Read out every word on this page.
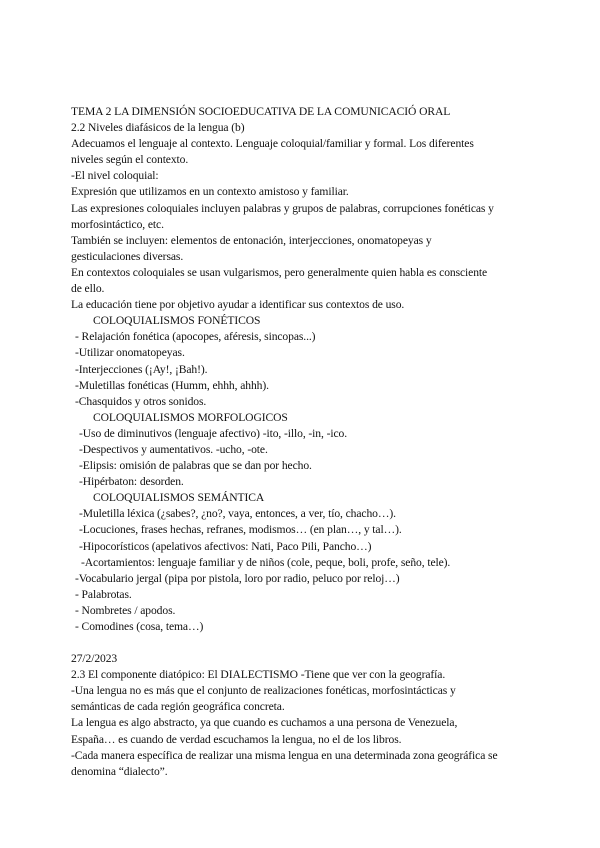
TEMA 2 LA DIMENSIÓN SOCIOEDUCATIVA DE LA COMUNICACIÓ ORAL
2.2 Niveles diafásicos de la lengua (b)
Adecuamos el lenguaje al contexto. Lenguaje coloquial/familiar y formal. Los diferentes
niveles según el contexto.
-El nivel coloquial:
Expresión que utilizamos en un contexto amistoso y familiar.
Las expresiones coloquiales incluyen palabras y grupos de palabras, corrupciones fonéticas y
morfosintáctico, etc.
También se incluyen: elementos de entonación, interjecciones, onomatopeyas y
gesticulaciones diversas.
En contextos coloquiales se usan vulgarismos, pero generalmente quien habla es consciente
de ello.
La educación tiene por objetivo ayudar a identificar sus contextos de uso.
COLOQUIALISMOS FONÉTICOS
- Relajación fonética (apocopes, aféresis, sincopas...)
-Utilizar onomatopeyas.
-Interjecciones (¡Ay!, ¡Bah!).
-Muletillas fonéticas (Humm, ehhh, ahhh).
-Chasquidos y otros sonidos.
COLOQUIALISMOS MORFOLOGICOS
-Uso de diminutivos (lenguaje afectivo) -ito, -illo, -in, -ico.
-Despectivos y aumentativos. -ucho, -ote.
-Elipsis: omisión de palabras que se dan por hecho.
-Hipérbaton: desorden.
COLOQUIALISMOS SEMÁNTICA
-Muletilla léxica (¿sabes?, ¿no?, vaya, entonces, a ver, tío, chacho…).
-Locuciones, frases hechas, refranes, modismos… (en plan…, y tal…).
-Hipocorísticos (apelativos afectivos: Nati, Paco Pili, Pancho…)
-Acortamientos: lenguaje familiar y de niños (cole, peque, boli, profe, seño, tele).
-Vocabulario jergal (pipa por pistola, loro por radio, peluco por reloj…)
- Palabrotas.
- Nombretes / apodos.
- Comodines (cosa, tema…)
27/2/2023
2.3 El componente diatópico: El DIALECTISMO -Tiene que ver con la geografía.
-Una lengua no es más que el conjunto de realizaciones fonéticas, morfosintácticas y
semánticas de cada región geográfica concreta.
La lengua es algo abstracto, ya que cuando es cuchamos a una persona de Venezuela,
España… es cuando de verdad escuchamos la lengua, no el de los libros.
-Cada manera específica de realizar una misma lengua en una determinada zona geográfica se
denomina “dialecto”.
